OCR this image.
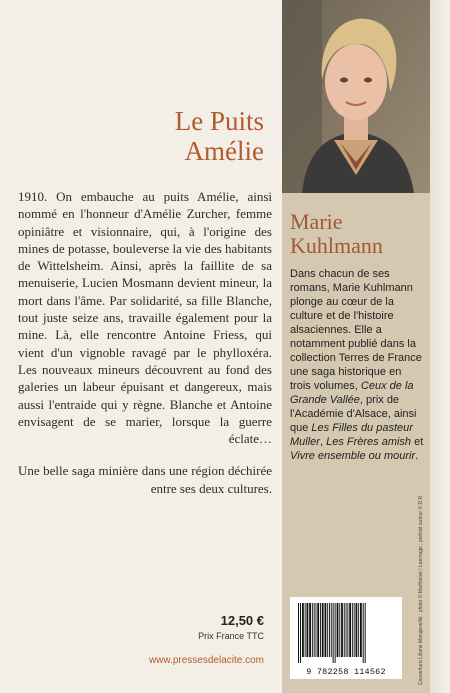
Le Puits
Amélie

1910. On embauche au puits Amélie, ainsi nommé en l'honneur d'Amélie Zurcher, femme opiniâtre et visionnaire, qui, à l'origine des mines de potasse, bouleverse la vie des habitants de Wittelsheim. Ainsi, après la faillite de sa menuiserie, Lucien Mosmann devient mineur, la mort dans l'âme. Par solidarité, sa fille Blanche, tout juste seize ans, travaille également pour la mine. Là, elle rencontre Antoine Friess, qui vient d'un vignoble ravagé par le phylloxéra. Les nouveaux mineurs découvrent au fond des galeries un labeur épuisant et dangereux, mais aussi l'entraide qui y règne. Blanche et Antoine envisagent de se marier, lorsque la guerre éclate…

Une belle saga minière dans une région déchirée entre ses deux cultures.

12,50 €
Prix France TTC
www.pressesdelacite.com
Marie
Kuhlmann
Dans chacun de ses romans, Marie Kuhlmann plonge au cœur de la culture et de l'histoire alsaciennes. Elle a notamment publié dans la collection Terres de France une saga historique en trois volumes, Ceux de la Grande Vallée, prix de l'Académie d'Alsace, ainsi que Les Filles du pasteur Muller, Les Frères amish et Vivre ensemble ou mourir.
9 782258 114562	Couverture Liliane Mangeveille : photo © Martheise / Leemage ; portrait auteur © D.R.
